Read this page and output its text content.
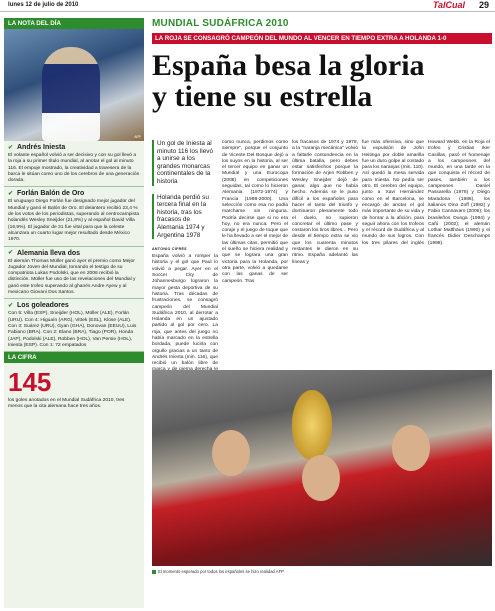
lunes 12 de julio de 2010	TalCual 29
LA NOTA DEL DÍA
AFP
✔ Andrés Iniesta
El volante español volvió a ser decisivo y con su gol llevó a la roja a su primer título mundial, al anotar el gol al minuto 116. El empuje mostrado, la creatividad a travesera de la barca le sitúan como uno de los cerebros de una generación dorada.
✔ Forlán Balón de Oro
El uruguayo Diego Forlán fue designado mejor jugador del Mundial y ganó el Balón de Oro. El delantero recibió 23,4 % de los votos de los periodistas, superando al centrocampista holandés Wesley Sneijder (21,8%) y al español David Villa (16,9%). El jugador de 31 fue vital para que la celeste alcanzara un cuarto lugar mejor resultado desde México 1970.
✔ Alemania lleva dos
El alemán Thomas Müller ganó ayer el premio como Mejor Jugador Joven del Mundial, tomando el testigo de su compatriota Lukas Podolski, que en 2006 recibió la distinción. Müller fue uno de las revelaciones del Mundial y ganó este trofeo superando al ghanés Andre Ayew y al mexicano Giovani Dos Santos.
✔ Los goleadores
Con 5: Villa (ESP), Sneijder (HOL), Müller (ALE), Forlán (URU). Con 4: Higuaín (ARG), Vittek (ESL), Klose (ALE). Con 3: Suárez (URU), Gyan (GHA), Donovan (EEUU), Luis Fabiano (BRA). Con 2: Elano (BRA), Tiago (POR), Honda (JAP), Podolski (ALE), Robben (HOL), Van Persie (HOL), Iniesta (ESP). Con 1: 72 empatados
LA CIFRA
145
los goles anotados en el Mundial Sudáfrica 2010, tres menos que la cita alemana hace tres años.
MUNDIAL SUDÁFRICA 2010
LA ROJA SE CONSAGRÓ CAMPEÓN DEL MUNDO AL VENCER EN TIEMPO EXTRA A HOLANDA 1-0
España besa la gloria
y tiene su estrella
Un gol de Iniesta al minuto 116 los llevó a unirse a los grandes monarcas continentales de la historia
Holanda perdió su tercera final en la historia, tras los fracasos de Alemania 1974 y Argentina 1978
ANTONIO CIFRÉS
España volvió a romper la historia y el gol que Paul lo volvió a pegar. Ayer en el Soccer City de Johannesburgo lograron la mayor gesta deportiva de su historia. Tras décadas de frustraciones, se consagró campeón del Mundial Sudáfrica 2010, al derrotar a Holanda en un ajustado partido al gol por cero. La roja, que antes del juego no había marcado en la estrella bordada, puede lucirla con orgullo gracias a un tanto de Andrés Iniesta (min. 116), que recibió un balón libre de
como nunca, perdimos como siempre", porque el conjunto de Vicente Del Bosque dejó a los suyos en la historia, al ser el tercer equipo en ganar un Mundial y una Eurocopa (2008) en competiciones seguidas, tal como lo hicieron Alemania (1972-1974) y Francia (1998-2000). Una selección como esa no podía marcharse sin ninguna. Podría decirse que si no era hoy, no era nunca. Pero el coraje y el juego de toque que le ha llevado a ser el mejor de las últimas citas, permitió que el sueño se hiciera realidad y que se lograra una gran victoria para la Holanda, por otra parte, volvió a quedarse con las ganas de ser campeón. Tras
los fracasos de 1974 y 1978, a la "naranja mecánica" volvió a faltarle contundencia en la última batalla, pero debes estar satisfechos porque la formación de Arjen Robben y Wesley Sneijder dejó de ganar, algo que no había hecho. Además se le puso difícil a los españoles para hacer el tanto del triunfo y dominaron plenamente todo el duelo, no supieron concretar el último pase y costaron los tiros libres... Pero desde el tiempo extra se vio que los cuarenta minutos restantes le dieron en su ritmo. España adelantó las líneas y
fue más ofensiva, sino que la expulsión de John Heitinga por doble amarilla fue un duro golpe al costado para los naranjas (min. 110). Así quedó la mesa servida para Iniesta. No pedía ser otro. El cerebro del equipo, junto a Xavi Hernández como en el Barcelona, se encargó de anotar el gol más importante de su vida y de honrar a la afición, para seguir ahora con los trofeos y el récord de Sudáfrica y al mundo de sus logros. Con los tres pilares del inglés Howard Webb, en la Roja el trofeo y Cristian Iker Casillas, pasó el homenaje a los campeones del mundo, en una tarde en la que conquista el récord de pases, también a los campeones Daniel Passarella (1978) y Diego Maradona (1986), los italianos Dino Zoff (1982) y Fabio Cannavaro (2006); los brasileños Dunga (1994) y Cafú (2002); el alemán Lothar Matthäus (1990) y el francés Didier Deschamps (1998).
El momento esperado por todos los españoles se hizo realidad AFP
